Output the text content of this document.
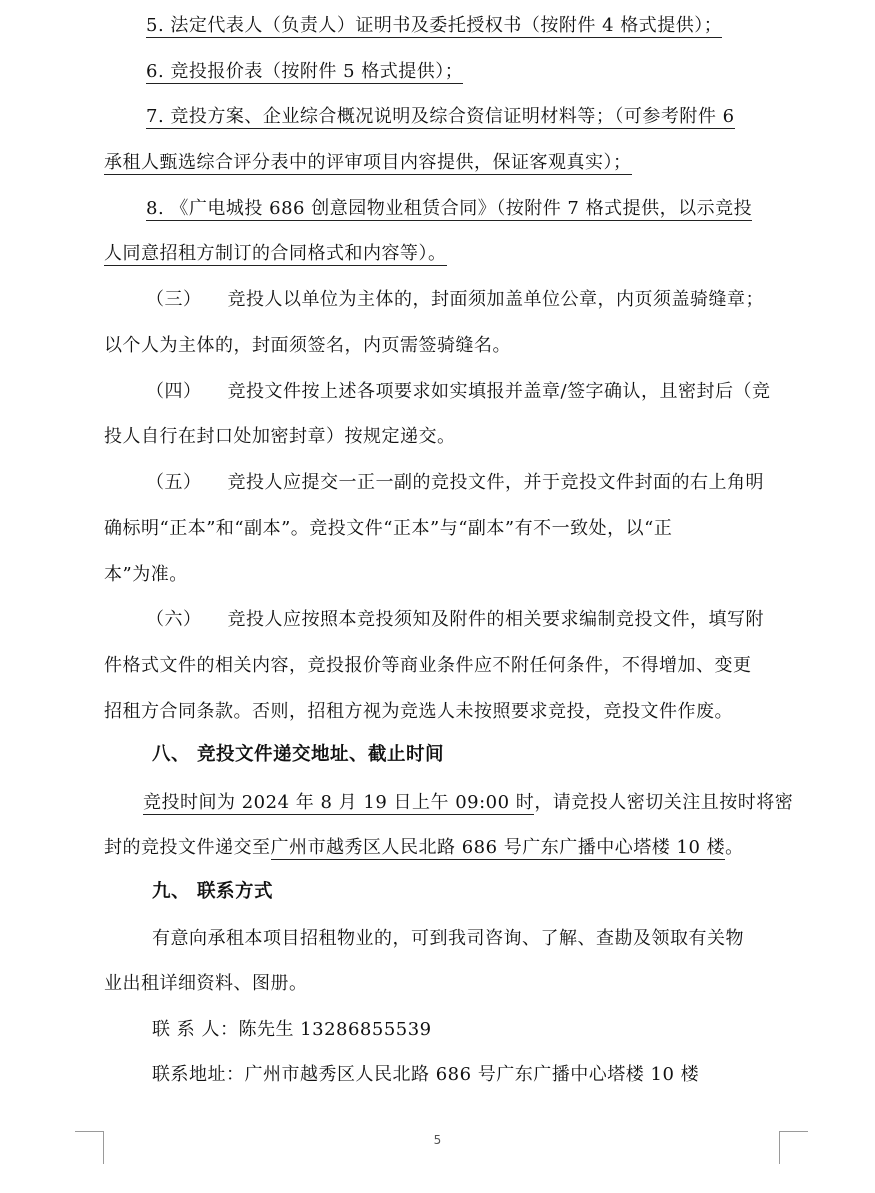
5. 法定代表人（负责人）证明书及委托授权书（按附件 4 格式提供）；
6. 竞投报价表（按附件 5 格式提供）；
7. 竞投方案、企业综合概况说明及综合资信证明材料等；（可参考附件 6
承租人甄选综合评分表中的评审项目内容提供，保证客观真实）；
8. 《广电城投 686 创意园物业租赁合同》（按附件 7 格式提供，以示竞投
人同意招租方制订的合同格式和内容等）。
（三） 竞投人以单位为主体的，封面须加盖单位公章，内页须盖骑缝章；
以个人为主体的，封面须签名，内页需签骑缝名。
（四） 竞投文件按上述各项要求如实填报并盖章/签字确认，且密封后（竞
投人自行在封口处加密封章）按规定递交。
（五） 竞投人应提交一正一副的竞投文件，并于竞投文件封面的右上角明
确标明“正本”和“副本”。竞投文件“正本”与“副本”有不一致处，以“正
本”为准。
（六） 竞投人应按照本竞投须知及附件的相关要求编制竞投文件，填写附
件格式文件的相关内容，竞投报价等商业条件应不附任何条件，不得增加、变更
招租方合同条款。否则，招租方视为竞选人未按照要求竞投，竞投文件作废。
八、 竞投文件递交地址、截止时间
竞投时间为 2024 年 8 月 19 日上午 09:00 时，请竞投人密切关注且按时将密
封的竞投文件递交至广州市越秀区人民北路 686 号广东广播中心塔楼 10 楼。
九、 联系方式
有意向承租本项目招租物业的，可到我司咨询、了解、查勘及领取有关物
业出租详细资料、图册。
联 系 人：陈先生 13286855539
联系地址：广州市越秀区人民北路 686 号广东广播中心塔楼 10 楼
5
